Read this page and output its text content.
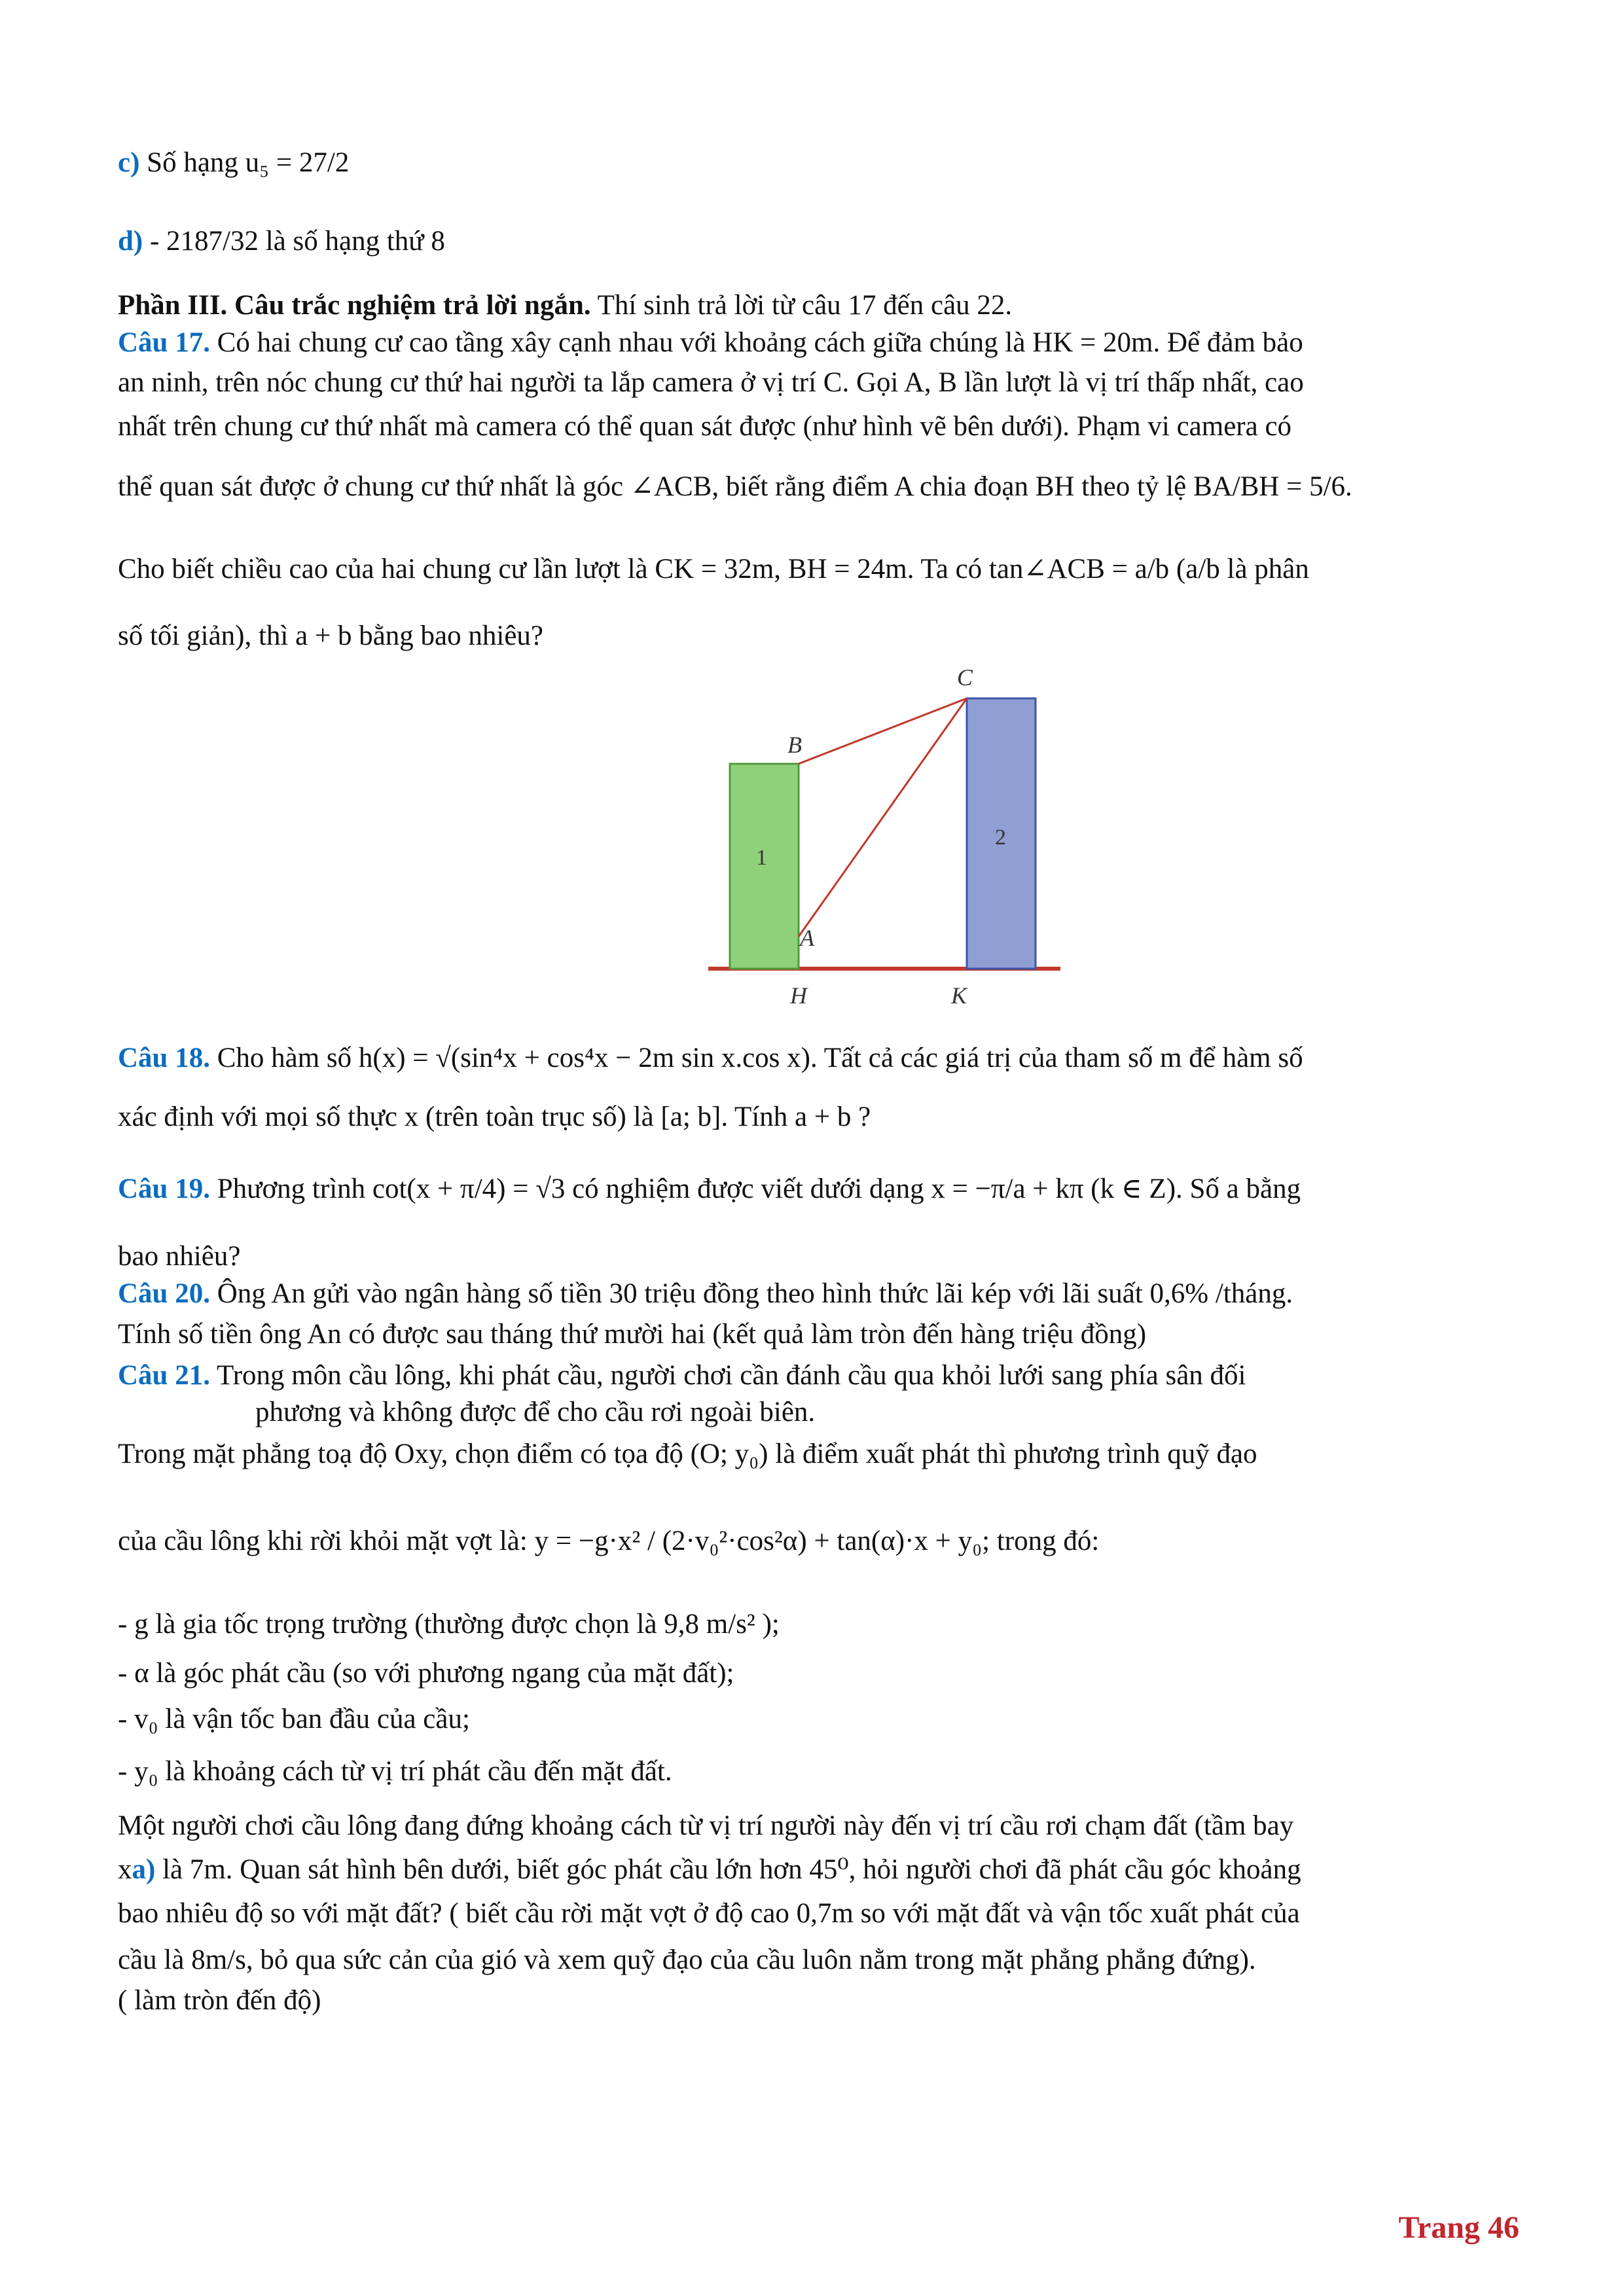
c) Số hạng u₅ = 27/2
d) - 2187/32 là số hạng thứ 8
Phần III. Câu trắc nghiệm trả lời ngắn. Thí sinh trả lời từ câu 17 đến câu 22.
Câu 17. Có hai chung cư cao tầng xây cạnh nhau với khoảng cách giữa chúng là HK = 20m. Để đảm bảo
an ninh, trên nóc chung cư thứ hai người ta lắp camera ở vị trí C. Gọi A, B lần lượt là vị trí thấp nhất, cao
nhất trên chung cư thứ nhất mà camera có thể quan sát được (như hình vẽ bên dưới). Phạm vi camera có
thể quan sát được ở chung cư thứ nhất là góc ∠ACB, biết rằng điểm A chia đoạn BH theo tỷ lệ BA/BH = 5/6.
Cho biết chiều cao của hai chung cư lần lượt là CK = 32m, BH = 24m. Ta có tan∠ACB = a/b (a/b là phân
số tối giản), thì a + b bằng bao nhiêu?
1
2
B
C
A
H	K
Câu 18. Cho hàm số h(x) = √(sin⁴x + cos⁴x − 2m sin x.cos x). Tất cả các giá trị của tham số m để hàm số
xác định với mọi số thực x (trên toàn trục số) là [a; b]. Tính a + b ?
Câu 19. Phương trình cot(x + π/4) = √3 có nghiệm được viết dưới dạng x = −π/a + kπ (k ∈ Z). Số a bằng
bao nhiêu?
Câu 20. Ông An gửi vào ngân hàng số tiền 30 triệu đồng theo hình thức lãi kép với lãi suất 0,6% /tháng.
Tính số tiền ông An có được sau tháng thứ mười hai (kết quả làm tròn đến hàng triệu đồng)
Câu 21. Trong môn cầu lông, khi phát cầu, người chơi cần đánh cầu qua khỏi lưới sang phía sân đối
phương và không được để cho cầu rơi ngoài biên.
Trong mặt phẳng toạ độ Oxy, chọn điểm có tọa độ (O; y₀) là điểm xuất phát thì phương trình quỹ đạo
của cầu lông khi rời khỏi mặt vợt là: y = −g·x² / (2·v₀²·cos²α) + tan(α)·x + y₀; trong đó:
- g là gia tốc trọng trường (thường được chọn là 9,8 m/s² );
- α là góc phát cầu (so với phương ngang của mặt đất);
- v₀ là vận tốc ban đầu của cầu;
- y₀ là khoảng cách từ vị trí phát cầu đến mặt đất.
Một người chơi cầu lông đang đứng khoảng cách từ vị trí người này đến vị trí cầu rơi chạm đất (tầm bay
xa) là 7m. Quan sát hình bên dưới, biết góc phát cầu lớn hơn 45⁰, hỏi người chơi đã phát cầu góc khoảng
bao nhiêu độ so với mặt đất? ( biết cầu rời mặt vợt ở độ cao 0,7m so với mặt đất và vận tốc xuất phát của
cầu là 8m/s, bỏ qua sức cản của gió và xem quỹ đạo của cầu luôn nằm trong mặt phẳng phẳng đứng).
( làm tròn đến độ)
Trang 46
